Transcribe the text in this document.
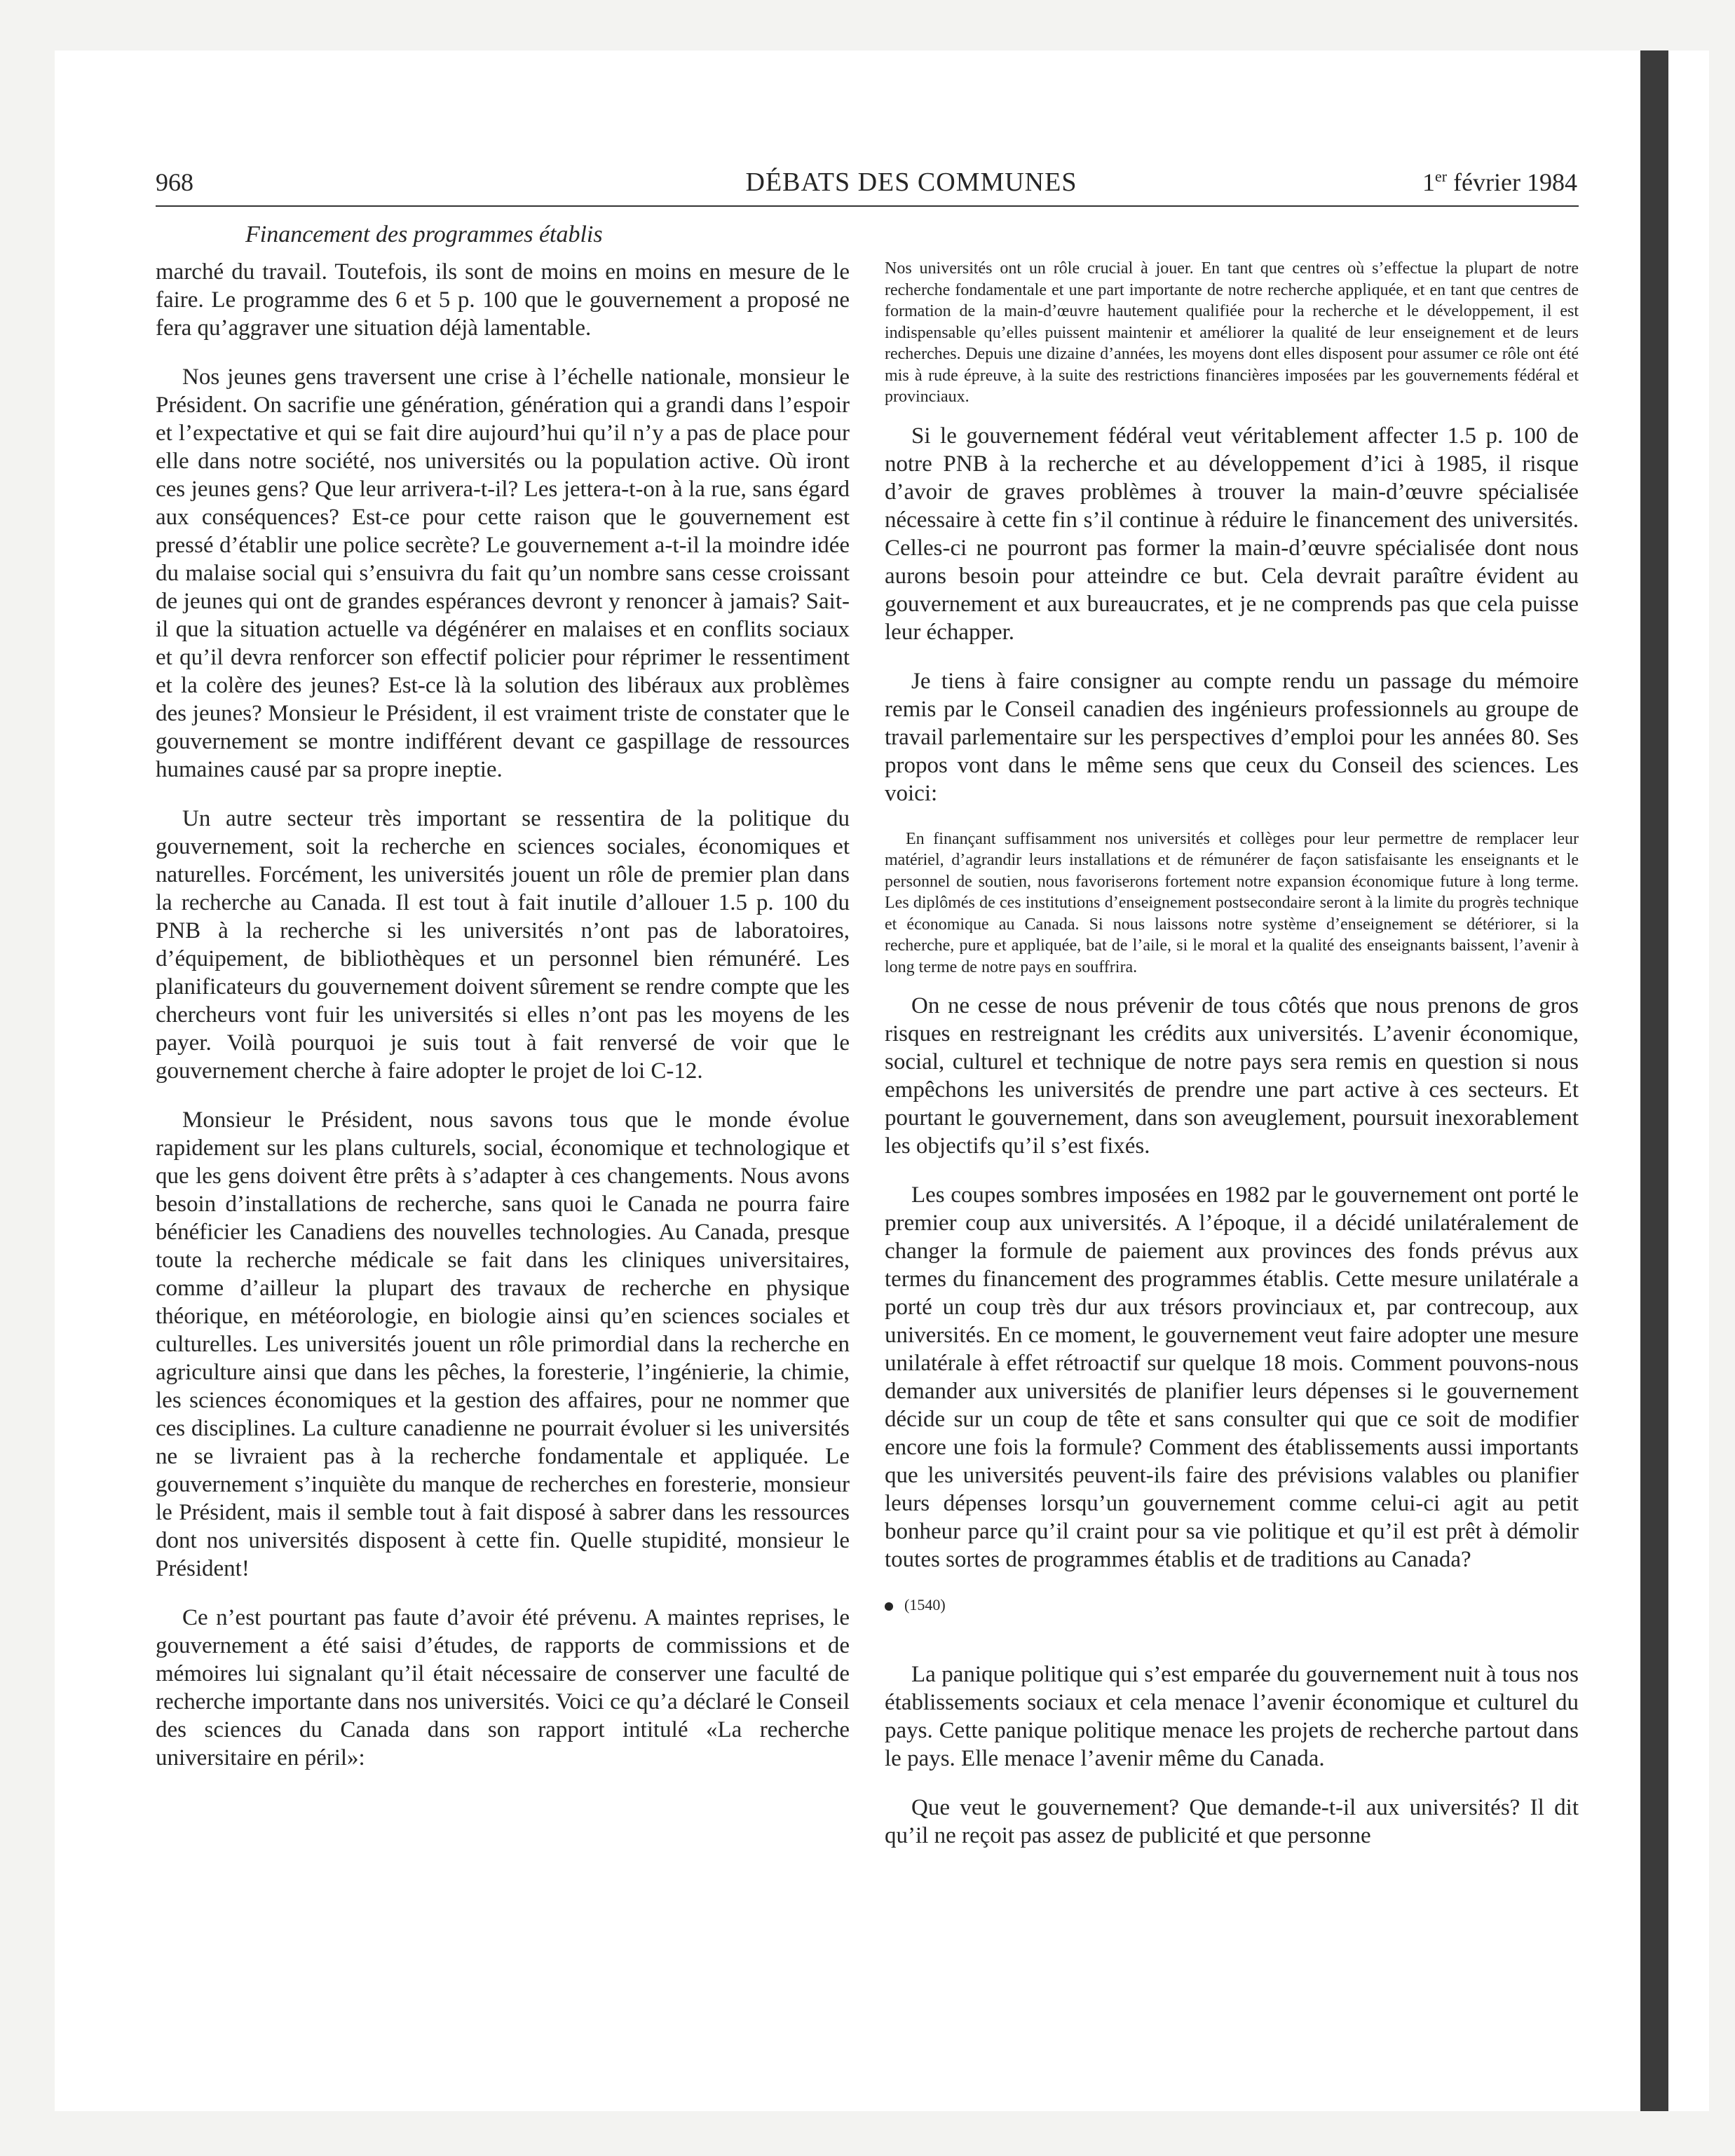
968	DÉBATS DES COMMUNES	1er février 1984
Financement des programmes établis

marché du travail. Toutefois, ils sont de moins en moins en mesure de le faire. Le programme des 6 et 5 p. 100 que le gouvernement a proposé ne fera qu’aggraver une situation déjà lamentable.

Nos jeunes gens traversent une crise à l’échelle nationale, monsieur le Président. On sacrifie une génération, génération qui a grandi dans l’espoir et l’expectative et qui se fait dire aujourd’hui qu’il n’y a pas de place pour elle dans notre société, nos universités ou la population active. Où iront ces jeunes gens? Que leur arrivera-t-il? Les jettera-t-on à la rue, sans égard aux conséquences? Est-ce pour cette raison que le gouvernement est pressé d’établir une police secrète? Le gouvernement a-t-il la moindre idée du malaise social qui s’ensuivra du fait qu’un nombre sans cesse croissant de jeunes qui ont de grandes espérances devront y renoncer à jamais? Sait-il que la situation actuelle va dégénérer en malaises et en conflits sociaux et qu’il devra renforcer son effectif policier pour réprimer le ressentiment et la colère des jeunes? Est-ce là la solution des libéraux aux problèmes des jeunes? Monsieur le Président, il est vraiment triste de constater que le gouvernement se montre indifférent devant ce gaspillage de ressources humaines causé par sa propre ineptie.

Un autre secteur très important se ressentira de la politique du gouvernement, soit la recherche en sciences sociales, économiques et naturelles. Forcément, les universités jouent un rôle de premier plan dans la recherche au Canada. Il est tout à fait inutile d’allouer 1.5 p. 100 du PNB à la recherche si les universités n’ont pas de laboratoires, d’équipement, de bibliothèques et un personnel bien rémunéré. Les planificateurs du gouvernement doivent sûrement se rendre compte que les chercheurs vont fuir les universités si elles n’ont pas les moyens de les payer. Voilà pourquoi je suis tout à fait renversé de voir que le gouvernement cherche à faire adopter le projet de loi C-12.

Monsieur le Président, nous savons tous que le monde évolue rapidement sur les plans culturels, social, économique et technologique et que les gens doivent être prêts à s’adapter à ces changements. Nous avons besoin d’installations de recherche, sans quoi le Canada ne pourra faire bénéficier les Canadiens des nouvelles technologies. Au Canada, presque toute la recherche médicale se fait dans les cliniques universitaires, comme d’ailleur la plupart des travaux de recherche en physique théorique, en météorologie, en biologie ainsi qu’en sciences sociales et culturelles. Les universités jouent un rôle primordial dans la recherche en agriculture ainsi que dans les pêches, la foresterie, l’ingénierie, la chimie, les sciences économiques et la gestion des affaires, pour ne nommer que ces disciplines. La culture canadienne ne pourrait évoluer si les universités ne se livraient pas à la recherche fondamentale et appliquée. Le gouvernement s’inquiète du manque de recherches en foresterie, monsieur le Président, mais il semble tout à fait disposé à sabrer dans les ressources dont nos universités disposent à cette fin. Quelle stupidité, monsieur le Président!

Ce n’est pourtant pas faute d’avoir été prévenu. A maintes reprises, le gouvernement a été saisi d’études, de rapports de commissions et de mémoires lui signalant qu’il était nécessaire de conserver une faculté de recherche importante dans nos universités. Voici ce qu’a déclaré le Conseil des sciences du Canada dans son rapport intitulé «La recherche universitaire en péril»:

Nos universités ont un rôle crucial à jouer. En tant que centres où s’effectue la plupart de notre recherche fondamentale et une part importante de notre recherche appliquée, et en tant que centres de formation de la main-d’œuvre hautement qualifiée pour la recherche et le développement, il est indispensable qu’elles puissent maintenir et améliorer la qualité de leur enseignement et de leurs recherches. Depuis une dizaine d’années, les moyens dont elles disposent pour assumer ce rôle ont été mis à rude épreuve, à la suite des restrictions financières imposées par les gouvernements fédéral et provinciaux.

Si le gouvernement fédéral veut véritablement affecter 1.5 p. 100 de notre PNB à la recherche et au développement d’ici à 1985, il risque d’avoir de graves problèmes à trouver la main-d’œuvre spécialisée nécessaire à cette fin s’il continue à réduire le financement des universités. Celles-ci ne pourront pas former la main-d’œuvre spécialisée dont nous aurons besoin pour atteindre ce but. Cela devrait paraître évident au gouvernement et aux bureaucrates, et je ne comprends pas que cela puisse leur échapper.

Je tiens à faire consigner au compte rendu un passage du mémoire remis par le Conseil canadien des ingénieurs professionnels au groupe de travail parlementaire sur les perspectives d’emploi pour les années 80. Ses propos vont dans le même sens que ceux du Conseil des sciences. Les voici:

En finançant suffisamment nos universités et collèges pour leur permettre de remplacer leur matériel, d’agrandir leurs installations et de rémunérer de façon satisfaisante les enseignants et le personnel de soutien, nous favoriserons fortement notre expansion économique future à long terme. Les diplômés de ces institutions d’enseignement postsecondaire seront à la limite du progrès technique et économique au Canada. Si nous laissons notre système d’enseignement se détériorer, si la recherche, pure et appliquée, bat de l’aile, si le moral et la qualité des enseignants baissent, l’avenir à long terme de notre pays en souffrira.

On ne cesse de nous prévenir de tous côtés que nous prenons de gros risques en restreignant les crédits aux universités. L’avenir économique, social, culturel et technique de notre pays sera remis en question si nous empêchons les universités de prendre une part active à ces secteurs. Et pourtant le gouvernement, dans son aveuglement, poursuit inexorablement les objectifs qu’il s’est fixés.

Les coupes sombres imposées en 1982 par le gouvernement ont porté le premier coup aux universités. A l’époque, il a décidé unilatéralement de changer la formule de paiement aux provinces des fonds prévus aux termes du financement des programmes établis. Cette mesure unilatérale a porté un coup très dur aux trésors provinciaux et, par contrecoup, aux universités. En ce moment, le gouvernement veut faire adopter une mesure unilatérale à effet rétroactif sur quelque 18 mois. Comment pouvons-nous demander aux universités de planifier leurs dépenses si le gouvernement décide sur un coup de tête et sans consulter qui que ce soit de modifier encore une fois la formule? Comment des établissements aussi importants que les universités peuvent-ils faire des prévisions valables ou planifier leurs dépenses lorsqu’un gouvernement comme celui-ci agit au petit bonheur parce qu’il craint pour sa vie politique et qu’il est prêt à démolir toutes sortes de programmes établis et de traditions au Canada?

(1540)

La panique politique qui s’est emparée du gouvernement nuit à tous nos établissements sociaux et cela menace l’avenir économique et culturel du pays. Cette panique politique menace les projets de recherche partout dans le pays. Elle menace l’avenir même du Canada.

Que veut le gouvernement? Que demande-t-il aux universités? Il dit qu’il ne reçoit pas assez de publicité et que personne
